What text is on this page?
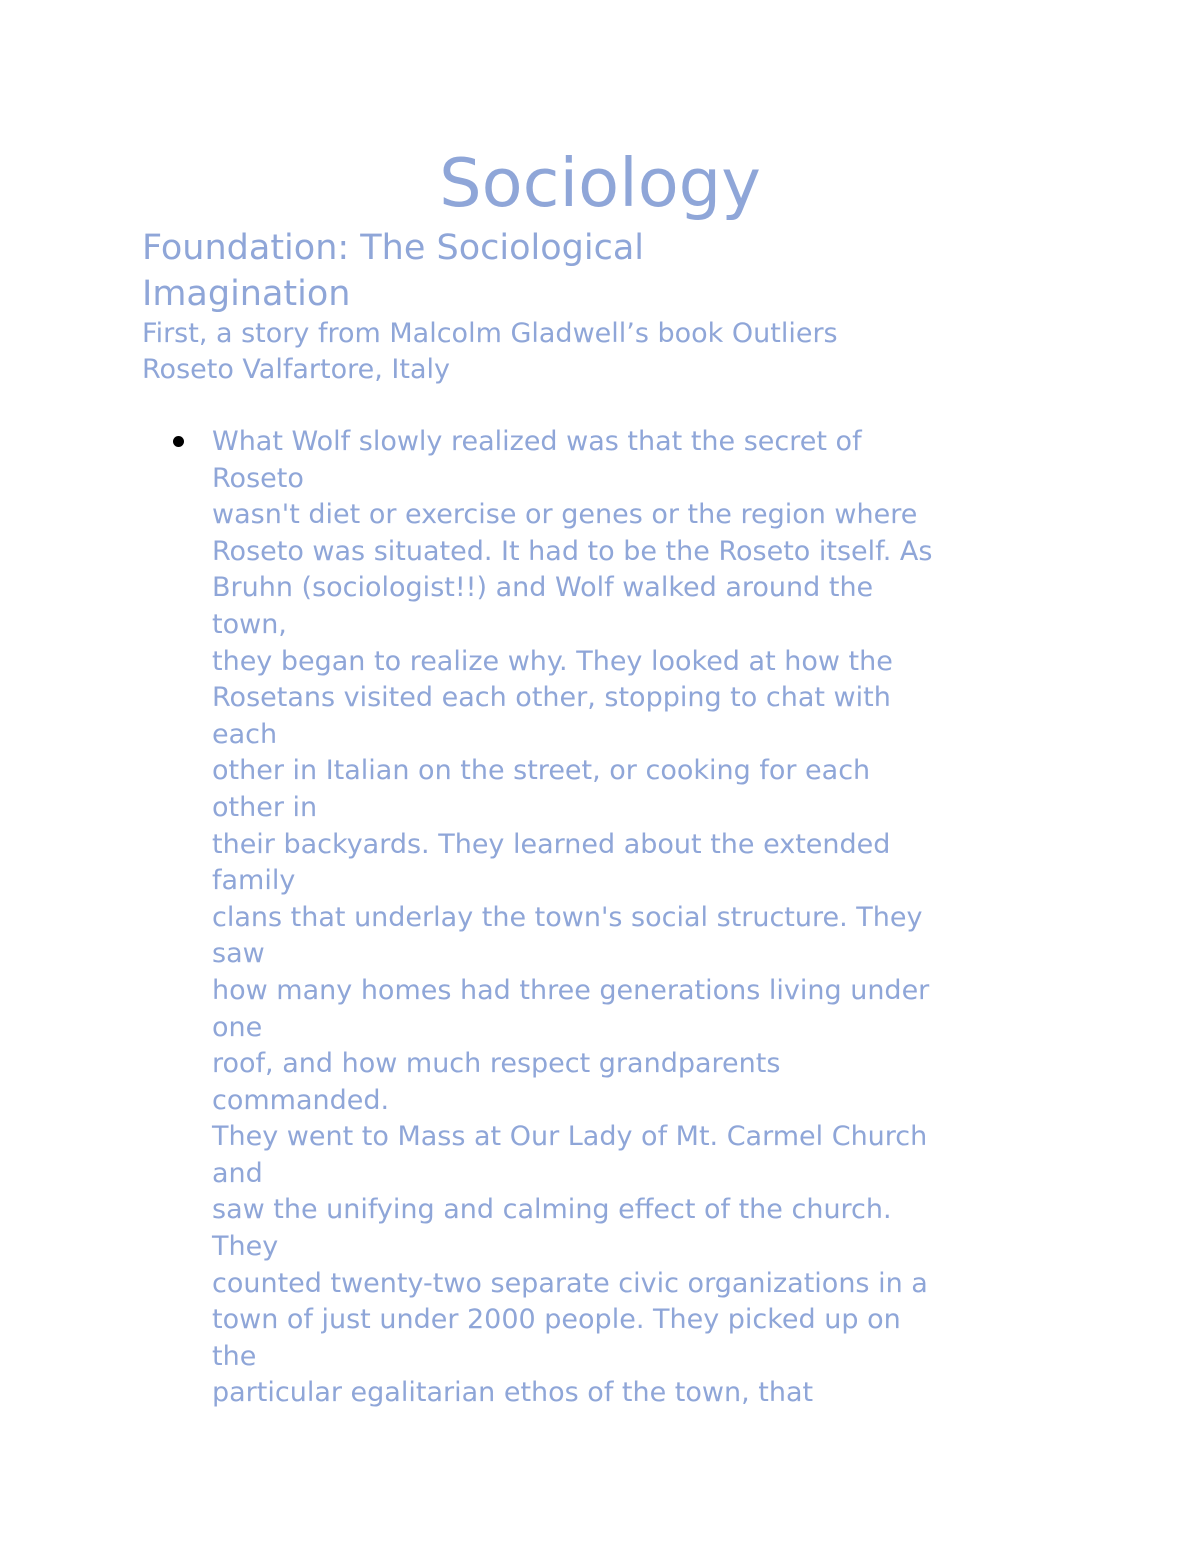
Sociology
Foundation: The Sociological Imagination

First, a story from Malcolm Gladwell’s book Outliers

Roseto Valfartore, Italy

What Wolf slowly realized was that the secret of
Roseto
wasn't diet or exercise or genes or the region where
Roseto was situated. It had to be the Roseto itself. As
Bruhn (sociologist!!) and Wolf walked around the
town,
they began to realize why. They looked at how the
Rosetans visited each other, stopping to chat with
each
other in Italian on the street, or cooking for each
other in
their backyards. They learned about the extended
family
clans that underlay the town's social structure. They
saw
how many homes had three generations living under
one
roof, and how much respect grandparents
commanded.
They went to Mass at Our Lady of Mt. Carmel Church
and
saw the unifying and calming effect of the church.
They
counted twenty-two separate civic organizations in a
town of just under 2000 people. They picked up on
the
particular egalitarian ethos of the town, that
